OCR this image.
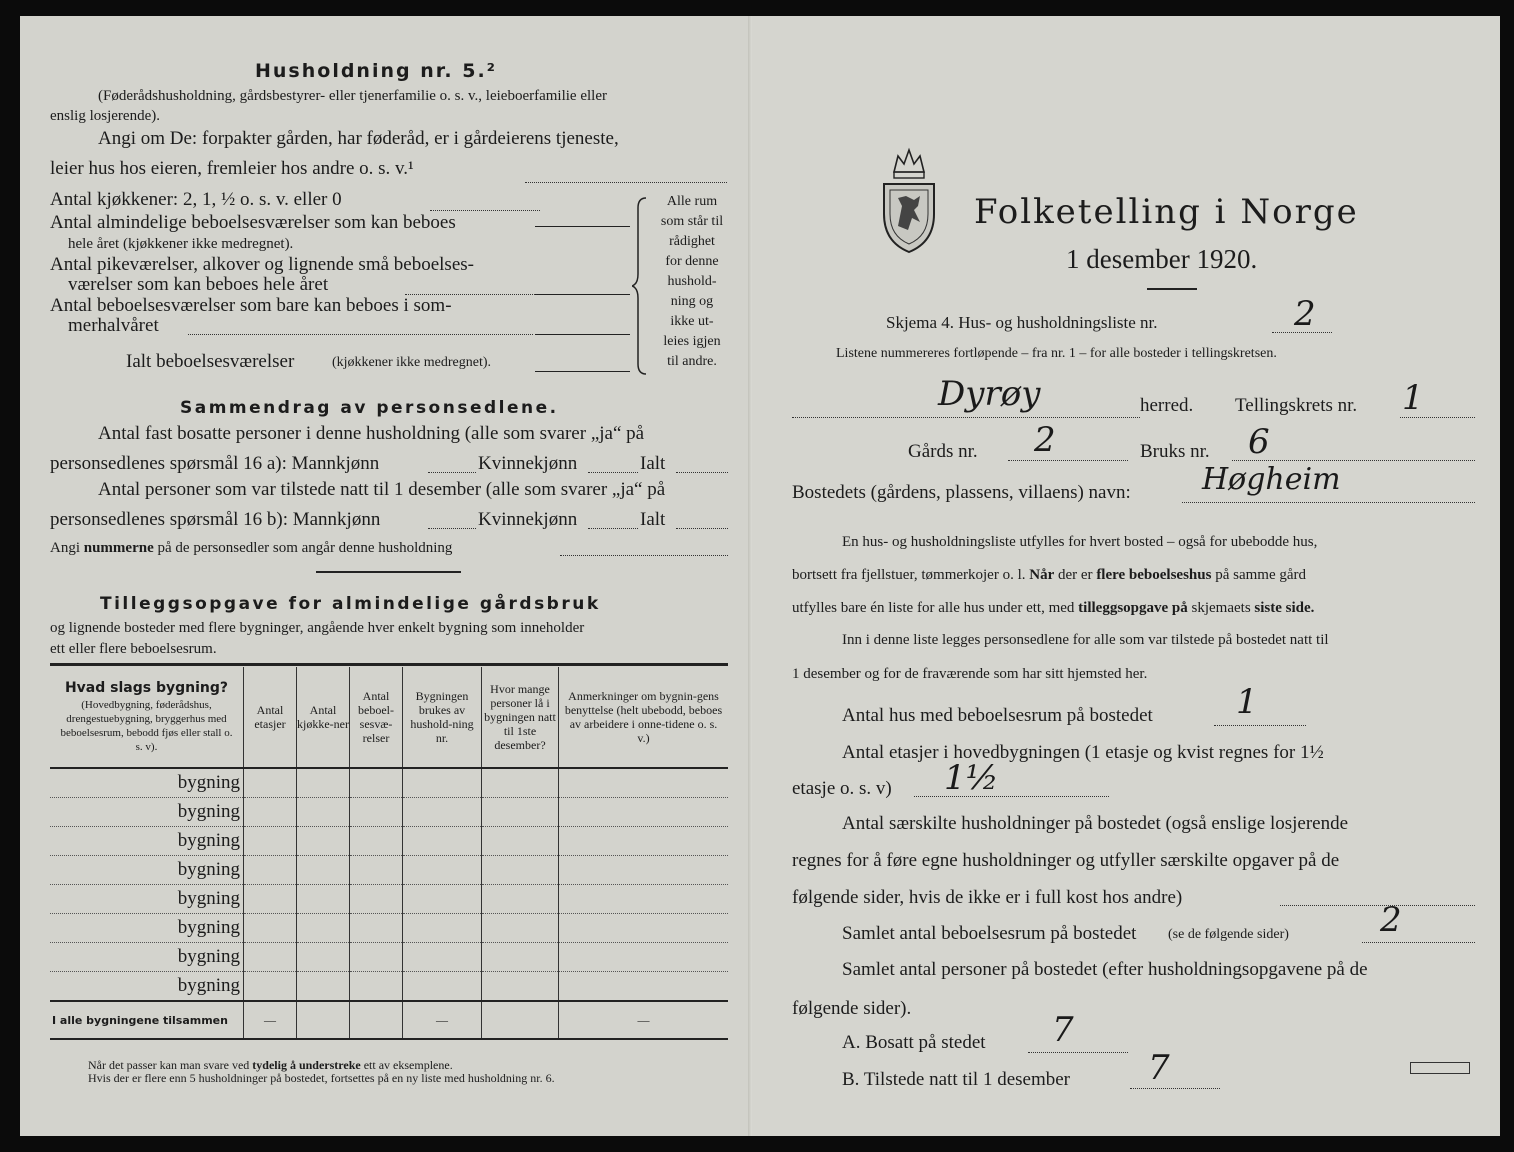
Husholdning nr. 5.²
(Føderådshusholdning, gårdsbestyrer- eller tjenerfamilie o. s. v., leieboerfamilie eller
enslig losjerende).
Angi om De: forpakter gården, har føderåd, er i gårdeierens tjeneste,
leier hus hos eieren, fremleier hos andre o. s. v.¹
Antal kjøkkener: 2, 1, ½ o. s. v. eller 0
Antal almindelige beboelsesværelser som kan beboes
hele året (kjøkkener ikke medregnet).
Antal pikeværelser, alkover og lignende små beboelses-
værelser som kan beboes hele året
Antal beboelsesværelser som bare kan beboes i som-
merhalvåret
Ialt beboelsesværelser	(kjøkkener ikke medregnet).
Alle rum
som står til
rådighet
for denne
hushold-
ning og
ikke ut-
leies igjen
til andre.
Sammendrag av personsedlene.
Antal fast bosatte personer i denne husholdning (alle som svarer „ja“ på
personsedlenes spørsmål 16 a): Mannkjønn	Kvinnekjønn	Ialt
Antal personer som var tilstede natt til 1 desember (alle som svarer „ja“ på
personsedlenes spørsmål 16 b): Mannkjønn	Kvinnekjønn	Ialt
Angi nummerne på de personsedler som angår denne husholdning
Tilleggsopgave for almindelige gårdsbruk
og lignende bosteder med flere bygninger, angående hver enkelt bygning som inneholder
ett eller flere beboelsesrum.
Hvad slags bygning?
(Hovedbygning, føderådshus, drengestuebygning, bryggerhus med beboelsesrum, bebodd fjøs eller stall o. s. v).	Antal etasjer	Antal kjøkke-ner	Antal beboel-sesvæ-relser	Bygningen brukes av hushold-ning nr.	Hvor mange personer lå i bygningen natt til 1ste desember?	Anmerkninger om bygnin-gens benyttelse (helt ubebodd, beboes av arbeidere i onne-tidene o. s. v.)
bygning						
bygning						
bygning						
bygning						
bygning						
bygning						
bygning						
bygning						
I alle bygningene tilsammen	—			—		—
Når det passer kan man svare ved tydelig å understreke ett av eksemplene.
Hvis der er flere enn 5 husholdninger på bostedet, fortsettes på en ny liste med husholdning nr. 6.
Folketelling i Norge
1 desember 1920.
Skjema 4. Hus- og husholdningsliste nr.	2
Listene nummereres fortløpende – fra nr. 1 – for alle bosteder i tellingskretsen.
Dyrøy	herred. Tellingskrets nr. 1
Gårds nr. 2	Bruks nr. 6
Bostedets (gårdens, plassens, villaens) navn: Høgheim
En hus- og husholdningsliste utfylles for hvert bosted – også for ubebodde hus,
bortsett fra fjellstuer, tømmerkojer o. l. Når der er flere beboelseshus på samme gård
utfylles bare én liste for alle hus under ett, med tilleggsopgave på skjemaets siste side.
Inn i denne liste legges personsedlene for alle som var tilstede på bostedet natt til
1 desember og for de fraværende som har sitt hjemsted her.
Antal hus med beboelsesrum på bostedet 1
Antal etasjer i hovedbygningen (1 etasje og kvist regnes for 1½
etasje o. s. v) 1½
Antal særskilte husholdninger på bostedet (også enslige losjerende
regnes for å føre egne husholdninger og utfyller særskilte opgaver på de
følgende sider, hvis de ikke er i full kost hos andre)
Samlet antal beboelsesrum på bostedet (se de følgende sider)	2
Samlet antal personer på bostedet (efter husholdningsopgavene på de
følgende sider).
A. Bosatt på stedet 7
B. Tilstede natt til 1 desember 7
